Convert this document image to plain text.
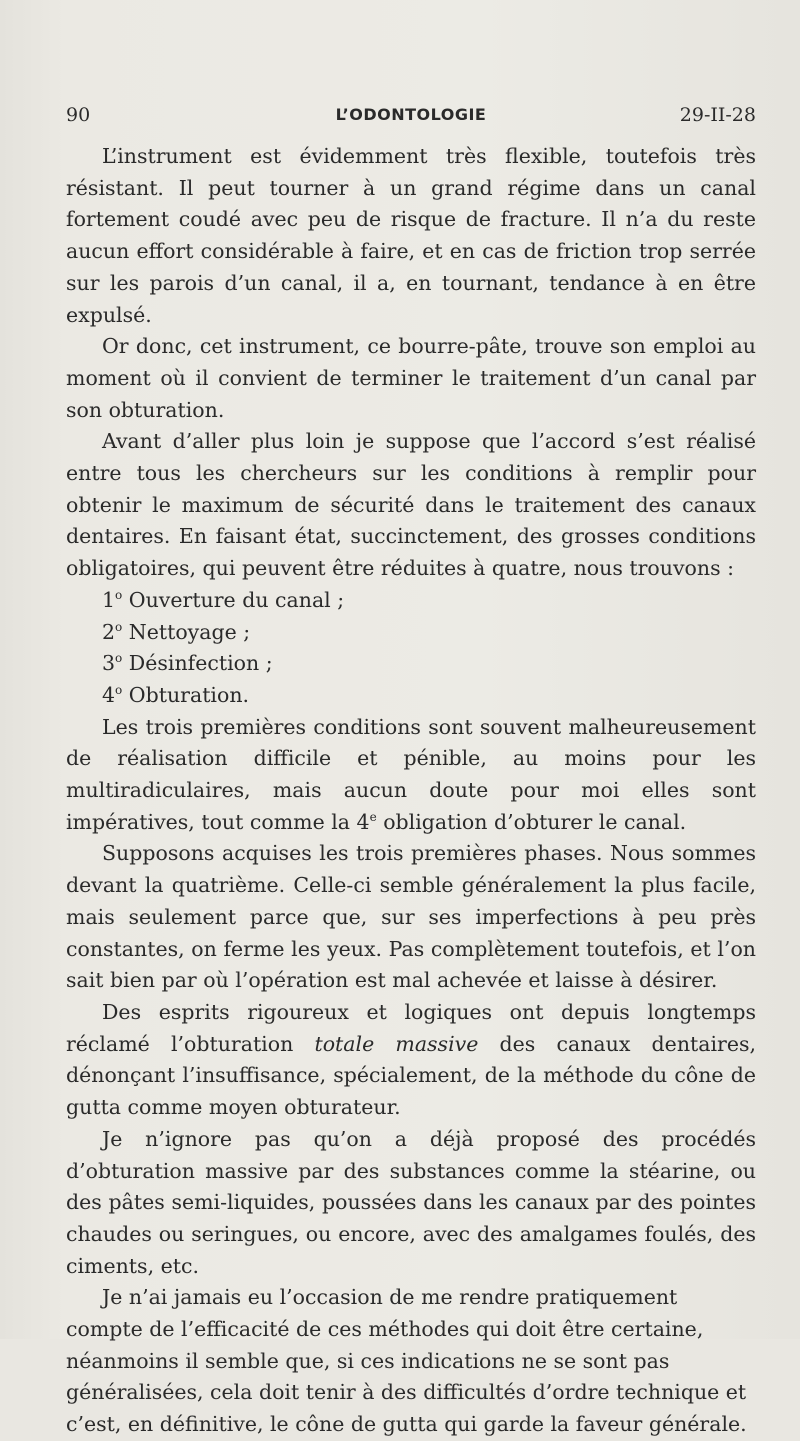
90	L’ODONTOLOGIE	29-II-28

L’instrument est évidemment très flexible, toutefois très résistant. Il peut tourner à un grand régime dans un canal fortement coudé avec peu de risque de fracture. Il n’a du reste aucun effort considérable à faire, et en cas de friction trop serrée sur les parois d’un canal, il a, en tournant, tendance à en être expulsé.

Or donc, cet instrument, ce bourre-pâte, trouve son emploi au moment où il convient de terminer le traitement d’un canal par son obturation.

Avant d’aller plus loin je suppose que l’accord s’est réalisé entre tous les chercheurs sur les conditions à remplir pour obtenir le maximum de sécurité dans le traitement des canaux dentaires. En faisant état, succinctement, des grosses conditions obligatoires, qui peuvent être réduites à quatre, nous trouvons :

1$^o$ Ouverture du canal ;

2$^o$ Nettoyage ;

3$^o$ Désinfection ;

4$^o$ Obturation.

Les trois premières conditions sont souvent malheureusement de réalisation difficile et pénible, au moins pour les multiradiculaires, mais aucun doute pour moi elles sont impératives, tout comme la 4e obligation d’obturer le canal.

Supposons acquises les trois premières phases. Nous sommes devant la quatrième. Celle-ci semble généralement la plus facile, mais seulement parce que, sur ses imperfections à peu près constantes, on ferme les yeux. Pas complètement toutefois, et l’on sait bien par où l’opération est mal achevée et laisse à désirer.

Des esprits rigoureux et logiques ont depuis longtemps réclamé l’obturation totale massive des canaux dentaires, dénonçant l’insuffisance, spécialement, de la méthode du cône de gutta comme moyen obturateur.

Je n’ignore pas qu’on a déjà proposé des procédés d’obturation massive par des substances comme la stéarine, ou des pâtes semi-liquides, poussées dans les canaux par des pointes chaudes ou seringues, ou encore, avec des amalgames foulés, des ciments, etc.

Je n’ai jamais eu l’occasion de me rendre pratiquement compte de l’efficacité de ces méthodes qui doit être certaine, néanmoins il semble que, si ces indications ne se sont pas généralisées, cela doit tenir à des difficultés d’ordre technique et c’est, en définitive, le cône de gutta qui garde la faveur générale.
